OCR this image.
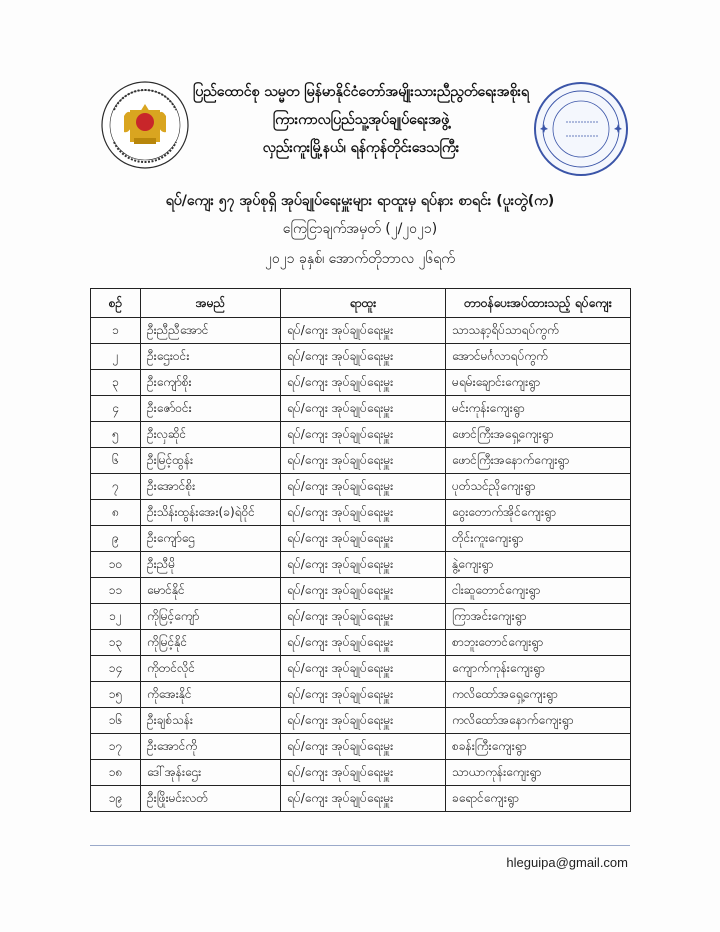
ပြည်ထောင်စု သမ္မတ မြန်မာနိုင်ငံတော်အမျိုးသားညီညွတ်ရေးအစိုးရ

ကြားကာလပြည်သူ့အုပ်ချုပ်ရေးအဖွဲ့

လှည်းကူးမြို့နယ်၊ ရန်ကုန်တိုင်းဒေသကြီး

ရပ်/ကျေး ၅၇ အုပ်စုရှိ အုပ်ချုပ်ရေးမှူးများ ရာထူးမှ ရပ်နား စာရင်း (ပူးတွဲ(က)

ကြေငြာချက်အမှတ် (၂/၂၀၂၁)

၂၀၂၁ ခုနှစ်၊ အောက်တိုဘာလ ၂၆ရက်

စဉ်	အမည်	ရာထူး	တာဝန်ပေးအပ်ထားသည့် ရပ်ကျေး
၁	ဦးညီညီအောင်	ရပ်/ကျေး အုပ်ချုပ်ရေးမှူး	သာသနာ့ရိပ်သာရပ်ကွက်
၂	ဦးဌေးဝင်း	ရပ်/ကျေး အုပ်ချုပ်ရေးမှူး	အောင်မင်္ဂလာရပ်ကွက်
၃	ဦးကျော်စိုး	ရပ်/ကျေး အုပ်ချုပ်ရေးမှူး	မရမ်းချောင်းကျေးရွာ
၄	ဦးဇော်ဝင်း	ရပ်/ကျေး အုပ်ချုပ်ရေးမှူး	မင်းကုန်းကျေးရွာ
၅	ဦးလှဆိုင်	ရပ်/ကျေး အုပ်ချုပ်ရေးမှူး	ဖောင်ကြီးအရှေ့ကျေးရွာ
၆	ဦးမြင့်ထွန်း	ရပ်/ကျေး အုပ်ချုပ်ရေးမှူး	ဖောင်ကြီးအနောက်ကျေးရွာ
၇	ဦးအောင်စိုး	ရပ်/ကျေး အုပ်ချုပ်ရေးမှူး	ပုတ်သင်ညိုကျေးရွာ
၈	ဦးသိန်းထွန်းအေး(ခ)ရဲဝိုင်	ရပ်/ကျေး အုပ်ချုပ်ရေးမှူး	ဝွေးတောက်အိုင်ကျေးရွာ
၉	ဦးကျော်ဌေ	ရပ်/ကျေး အုပ်ချုပ်ရေးမှူး	တိုင်းကူးကျေးရွာ
၁၀	ဦးညီမို	ရပ်/ကျေး အုပ်ချုပ်ရေးမှူး	နွဲ့ကျေးရွာ
၁၁	မောင်နိုင်	ရပ်/ကျေး အုပ်ချုပ်ရေးမှူး	ငါးဆူတောင်ကျေးရွာ
၁၂	ကိုမြင့်ကျော်	ရပ်/ကျေး အုပ်ချုပ်ရေးမှူး	ကြာအင်းကျေးရွာ
၁၃	ကိုမြင့်နိုင်	ရပ်/ကျေး အုပ်ချုပ်ရေးမှူး	စာဘူးတောင်ကျေးရွာ
၁၄	ကိုတင်လိုင်	ရပ်/ကျေး အုပ်ချုပ်ရေးမှူး	ကျောက်ကုန်းကျေးရွာ
၁၅	ကိုအေးနိုင်	ရပ်/ကျေး အုပ်ချုပ်ရေးမှူး	ကလိထော်အရှေ့ကျေးရွာ
၁၆	ဦးချစ်သန်း	ရပ်/ကျေး အုပ်ချုပ်ရေးမှူး	ကလိထော်အနောက်ကျေးရွာ
၁၇	ဦးအောင်ကို	ရပ်/ကျေး အုပ်ချုပ်ရေးမှူး	စခန်းကြီးကျေးရွာ
၁၈	ဒေါ်အုန်းဌေး	ရပ်/ကျေး အုပ်ချုပ်ရေးမှူး	သာယာကုန်းကျေးရွာ
၁၉	ဦးဖြိုးမင်းလတ်	ရပ်/ကျေး အုပ်ချုပ်ရေးမှူး	ခရောင်ကျေးရွာ
hleguipa@gmail.com
